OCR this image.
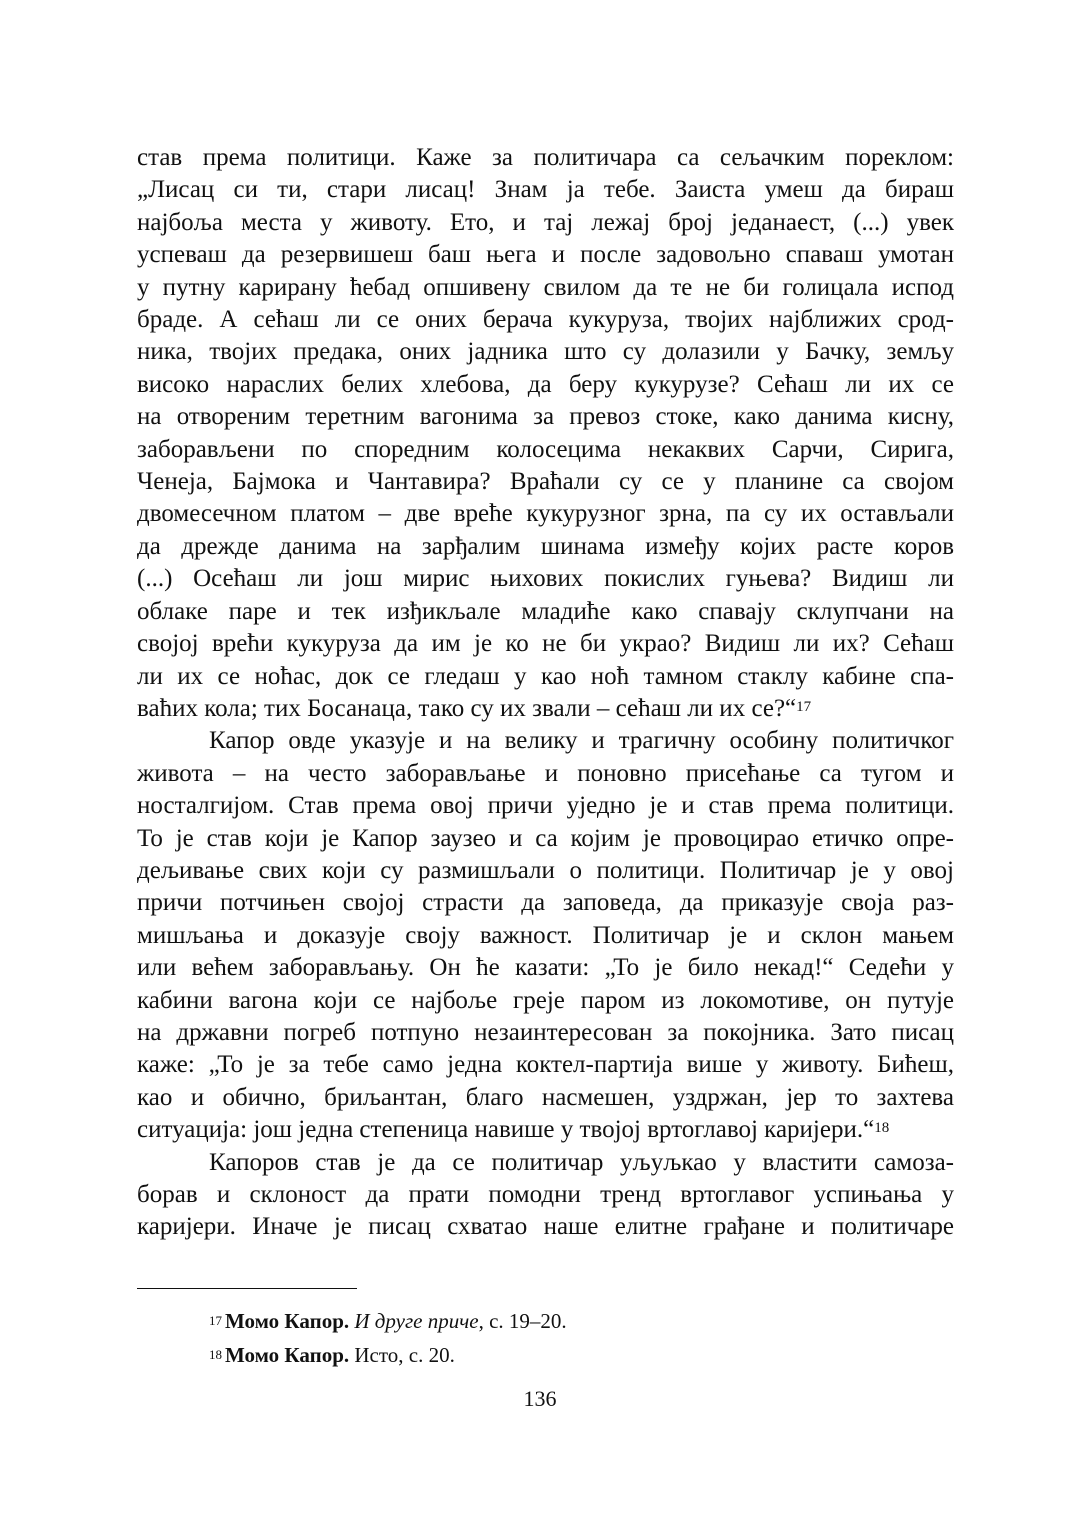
став према политици. Каже за политичара са сељачким пореклом:
„Лисац си ти, стари лисац! Знам ја тебе. Заиста умеш да бираш
најбоља места у животу. Ето, и тај лежај број једанаест, (...) увек
успеваш да резервишеш баш њега и после задовољно спаваш умотан
у путну карирану ћебад опшивену свилом да те не би голицала испод
браде. А сећаш ли се оних берача кукуруза, твојих најближих срод-
ника, твојих предака, оних јадника што су долазили у Бачку, земљу
високо нараслих белих хлебова, да беру кукурузе? Сећаш ли их се
на отвореним теретним вагонима за превоз стоке, како данима кисну,
заборављени по споредним колосецима некаквих Сарчи, Сирига,
Ченеја, Бајмока и Чантавира? Враћали су се у планине са својом
двомесечном платом – две вреће кукурузног зрна, па су их остављали
да дрежде данима на зарђалим шинама између којих расте коров
(...) Осећаш ли још мирис њихових покислих гуњева? Видиш ли
облаке паре и тек изђикљале младиће како спавају склупчани на
својој врећи кукуруза да им је ко не би украо? Видиш ли их? Сећаш
ли их се ноћас, док се гледаш у као ноћ тамном стаклу кабине спа-
ваћих кола; тих Босанаца, тако су их звали – сећаш ли их се?“$^{17}$
Капор овде указује и на велику и трагичну особину политичког
живота – на често заборављање и поновно присећање са тугом и
носталгијом. Став према овој причи уједно је и став према политици.
То је став који је Капор заузео и са којим је провоцирао етичко опре-
дељивање свих који су размишљали о политици. Политичар је у овој
причи потчињен својој страсти да заповеда, да приказује своја раз-
мишљања и доказује своју важност. Политичар је и склон мањем
или већем заборављању. Он ће казати: „То је било некад!“ Седећи у
кабини вагона који се најбоље греје паром из локомотиве, он путује
на државни погреб потпуно незаинтересован за покојника. Зато писац
каже: „То је за тебе само једна коктел-партија више у животу. Бићеш,
као и обично, бриљантан, благо насмешен, уздржан, јер то захтева
ситуација: још једна степеница навише у твојој вртоглавој каријери.“$^{18}$
Капоров став је да се политичар уљуљкао у властити самоза-
борав и склоност да прати помодни тренд вртоглавог успињања у
каријери. Иначе је писац схватао наше елитне грађане и политичаре
$^{17}$ Момо Капор. И друге приче, с. 19–20.
$^{18}$ Момо Капор. Исто, с. 20.
136
